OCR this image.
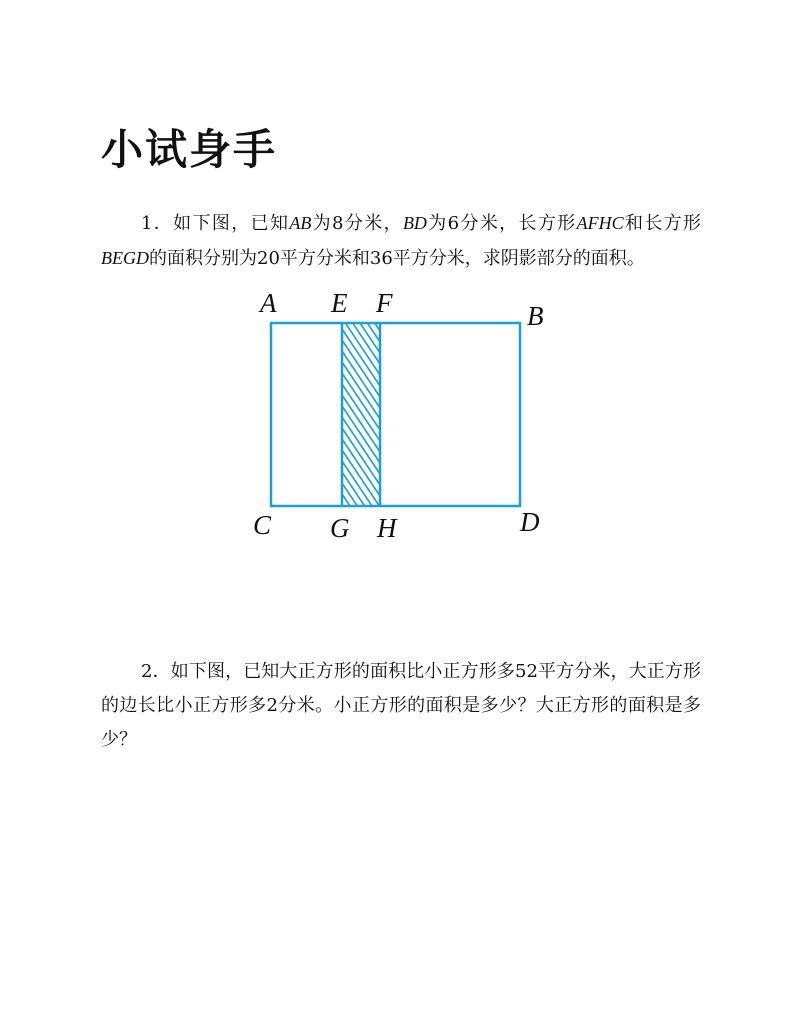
小试身手

1．如下图，已知AB为8分米，BD为6分米，长方形AFHC和长方形BEGD的面积分别为20平方分米和36平方分米，求阴影部分的面积。

A E F	B
C G H	D

2．如下图，已知大正方形的面积比小正方形多52平方分米，大正方形的边长比小正方形多2分米。小正方形的面积是多少？大正方形的面积是多少？
